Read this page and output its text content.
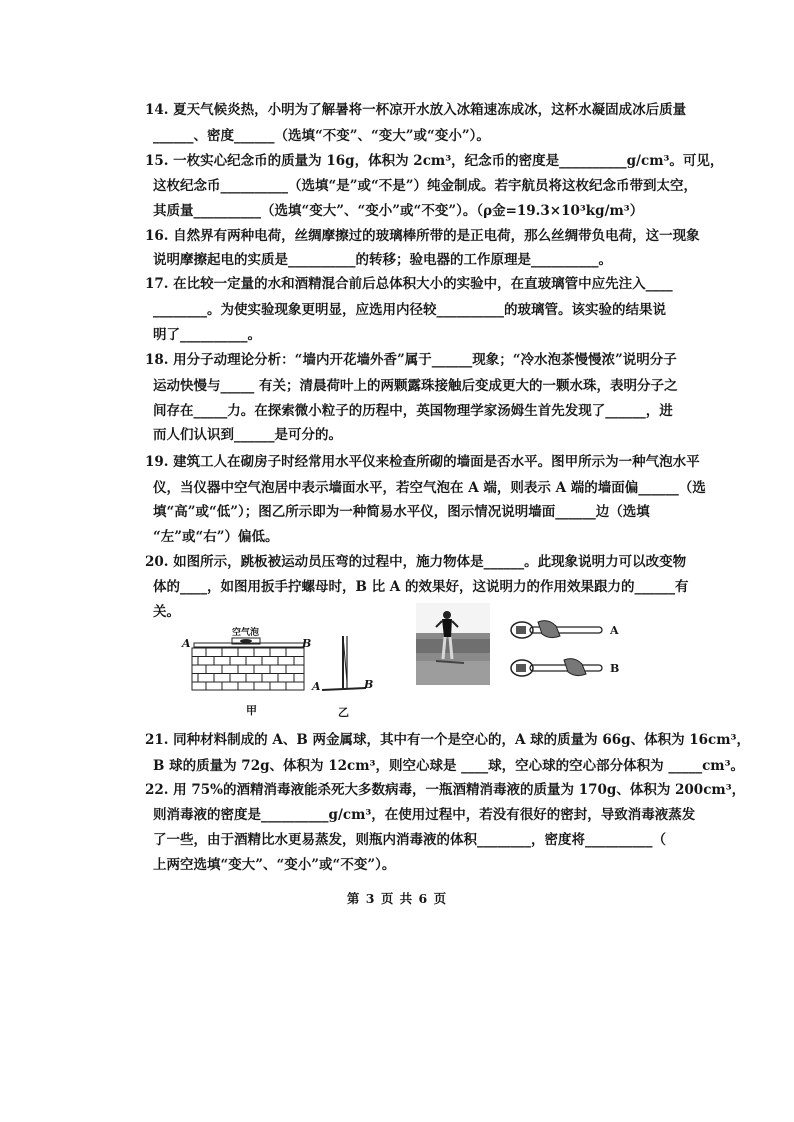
14. 夏天气候炎热，小明为了解暑将一杯凉开水放入冰箱速冻成冰，这杯水凝固成冰后质量
______、密度______（选填“不变”、“变大”或“变小”）。
15. 一枚实心纪念币的质量为 16g，体积为 2cm³，纪念币的密度是__________g/cm³。可见，
这枚纪念币__________（选填“是”或“不是”）纯金制成。若宇航员将这枚纪念币带到太空，
其质量__________（选填“变大”、“变小”或“不变”）。（ρ金=19.3×10³kg/m³）
16. 自然界有两种电荷，丝绸摩擦过的玻璃棒所带的是正电荷，那么丝绸带负电荷，这一现象
说明摩擦起电的实质是__________的转移；验电器的工作原理是__________。
17. 在比较一定量的水和酒精混合前后总体积大小的实验中，在直玻璃管中应先注入____
________。为使实验现象更明显，应选用内径较__________的玻璃管。该实验的结果说
明了__________。
18. 用分子动理论分析：“墙内开花墙外香”属于______现象；“冷水泡茶慢慢浓”说明分子
运动快慢与_____ 有关；清晨荷叶上的两颗露珠接触后变成更大的一颗水珠，表明分子之
间存在_____力。在探索微小粒子的历程中，英国物理学家汤姆生首先发现了______，进
而人们认识到______是可分的。
19. 建筑工人在砌房子时经常用水平仪来检查所砌的墙面是否水平。图甲所示为一种气泡水平
仪，当仪器中空气泡居中表示墙面水平，若空气泡在 A 端，则表示 A 端的墙面偏______（选
填“高”或“低”）；图乙所示即为一种简易水平仪，图示情况说明墙面______边（选填
“左”或“右”）偏低。
20. 如图所示，跳板被运动员压弯的过程中，施力物体是______。此现象说明力可以改变物
体的____，如图用扳手拧螺母时，B 比 A 的效果好，这说明力的作用效果跟力的______有
关。
A	B
空气泡
甲
A	B
乙
A
B
21. 同种材料制成的 A、B 两金属球，其中有一个是空心的，A 球的质量为 66g、体积为 16cm³，
B 球的质量为 72g、体积为 12cm³，则空心球是 ____球，空心球的空心部分体积为 _____cm³。
22. 用 75%的酒精消毒液能杀死大多数病毒，一瓶酒精消毒液的质量为 170g、体积为 200cm³，
则消毒液的密度是__________g/cm³，在使用过程中，若没有很好的密封，导致消毒液蒸发
了一些，由于酒精比水更易蒸发，则瓶内消毒液的体积________，密度将__________（
上两空选填“变大”、“变小”或“不变”）。
第 3 页 共 6 页
